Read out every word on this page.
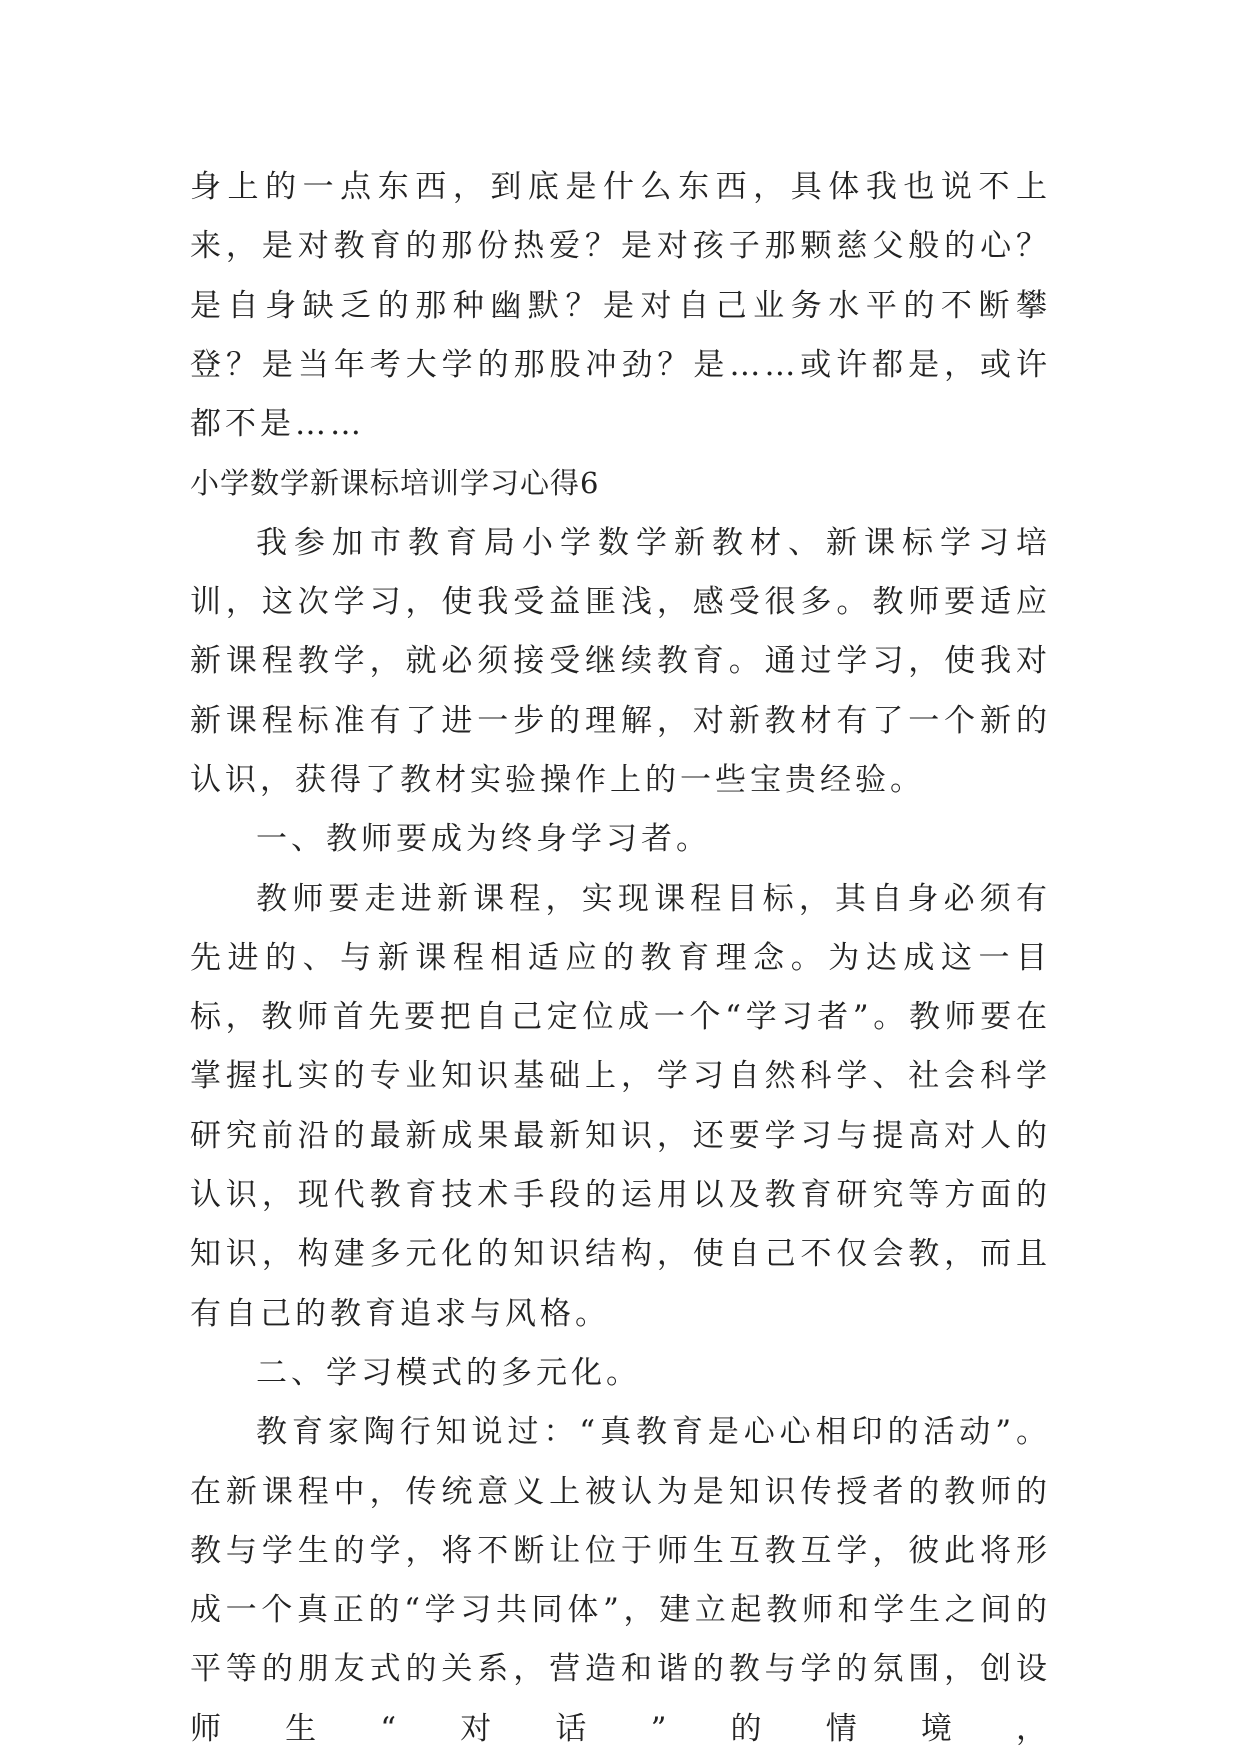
身上的一点东西，到底是什么东西，具体我也说不上来，是对教育的那份热爱？是对孩子那颗慈父般的心？是自身缺乏的那种幽默？是对自己业务水平的不断攀登？是当年考大学的那股冲劲？是……或许都是，或许都不是……

小学数学新课标培训学习心得6

我参加市教育局小学数学新教材、新课标学习培训，这次学习，使我受益匪浅，感受很多。教师要适应新课程教学，就必须接受继续教育。通过学习，使我对新课程标准有了进一步的理解，对新教材有了一个新的认识，获得了教材实验操作上的一些宝贵经验。

一、教师要成为终身学习者。

教师要走进新课程，实现课程目标，其自身必须有先进的、与新课程相适应的教育理念。为达成这一目标，教师首先要把自己定位成一个“学习者”。教师要在掌握扎实的专业知识基础上，学习自然科学、社会科学研究前沿的最新成果最新知识，还要学习与提高对人的认识，现代教育技术手段的运用以及教育研究等方面的知识，构建多元化的知识结构，使自己不仅会教，而且有自己的教育追求与风格。

二、学习模式的多元化。

教育家陶行知说过：“真教育是心心相印的活动”。在新课程中，传统意义上被认为是知识传授者的教师的教与学生的学，将不断让位于师生互教互学，彼此将形成一个真正的“学习共同体”，建立起教师和学生之间的平等的朋友式的关系，营造和谐的教与学的氛围，创设师生“对话”的情境，
